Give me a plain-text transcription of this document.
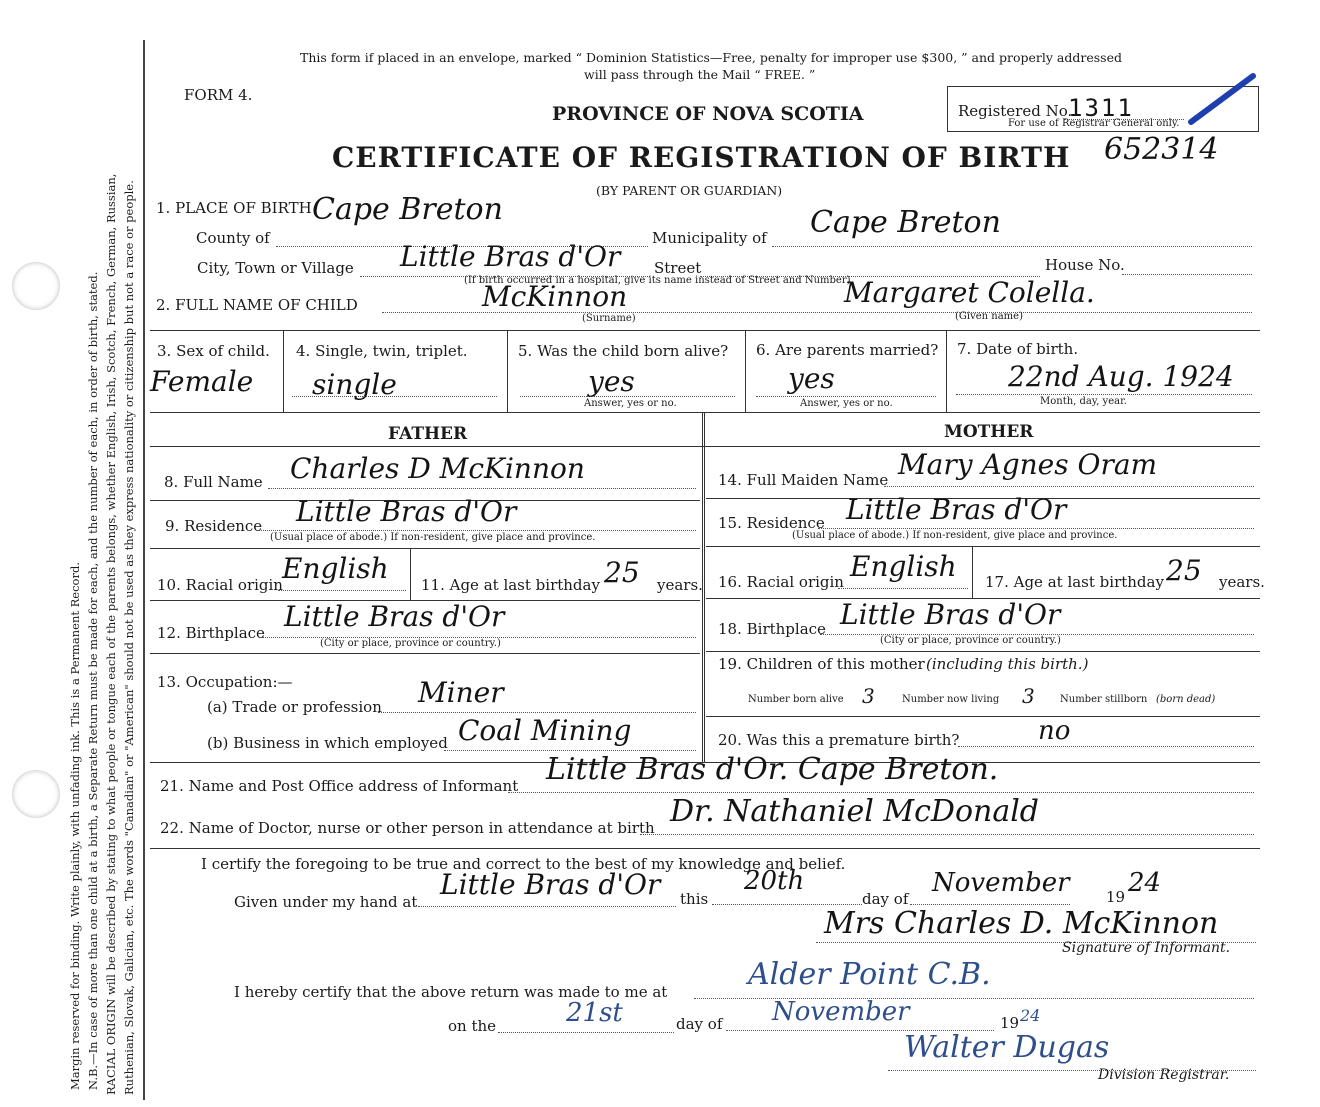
Margin reserved for binding. Write plainly, with unfading ink. This is a Permanent Record. N.B.—In case of more than one child at a birth, a Separate Return must be made for each, and the number of each, in order of birth, stated. RACIAL ORIGIN will be described by stating to what people or tongue each of the parents belongs, whether English, Irish, Scotch, French, German, Russian, Ruthenian, Slovak, Galician, etc. The words "Canadian" or "American" should not be used as they express nationality or citizenship but not a race or people.
This form if placed in an envelope, marked “ Dominion Statistics—Free, penalty for improper use $300, ” and properly addressed
will pass through the Mail “ FREE. ”
FORM 4.
PROVINCE OF NOVA SCOTIA	Registered No.
1311
For use of Registrar General only.
CERTIFICATE OF REGISTRATION OF BIRTH 652314
(BY PARENT OR GUARDIAN)
1. PLACE OF BIRTH Cape Breton
County of	Municipality of Cape Breton
City, Town or Village Little Bras d'Or Street	House No.
(If birth occurred in a hospital, give its name instead of Street and Number)
2. FULL NAME OF CHILD	McKinnon	Margaret Colella.
(Surname)	(Given name)
3. Sex of child.
Female
4. Single, twin, triplet.
single
5. Was the child born alive?
yes
Answer, yes or no.
6. Are parents married?
yes
Answer, yes or no.
7. Date of birth.
22nd Aug. 1924
Month, day, year.
FATHER	MOTHER
8. Full Name Charles D McKinnon
9. Residence Little Bras d'Or
(Usual place of abode.) If non-resident, give place and province.
10. Racial origin English 11. Age at last birthday 25 years.
12. Birthplace Little Bras d'Or
(City or place, province or country.)
13. Occupation:—
(a) Trade or profession Miner
(b) Business in which employed Coal Mining
14. Full Maiden Name Mary Agnes Oram
15. Residence Little Bras d'Or
(Usual place of abode.) If non-resident, give place and province.
16. Racial origin English 17. Age at last birthday 25 years.
18. Birthplace Little Bras d'Or
(City or place, province or country.)
19. Children of this mother (including this birth.)
Number born alive 3	Number now living 3	Number stillborn (born dead)
20. Was this a premature birth?	no
21. Name and Post Office address of Informant Little Bras d'Or. Cape Breton.
22. Name of Doctor, nurse or other person in attendance at birth Dr. Nathaniel McDonald
I certify the foregoing to be true and correct to the best of my knowledge and belief.
Given under my hand at
Little Bras d'Or this
20th
day of
November 19 24
Mrs Charles D. McKinnon
Signature of Informant.
I hereby certify that the above return was made to me at	Alder Point C.B.
on the	21st	day of November	19 24
Walter Dugas
Division Registrar.
